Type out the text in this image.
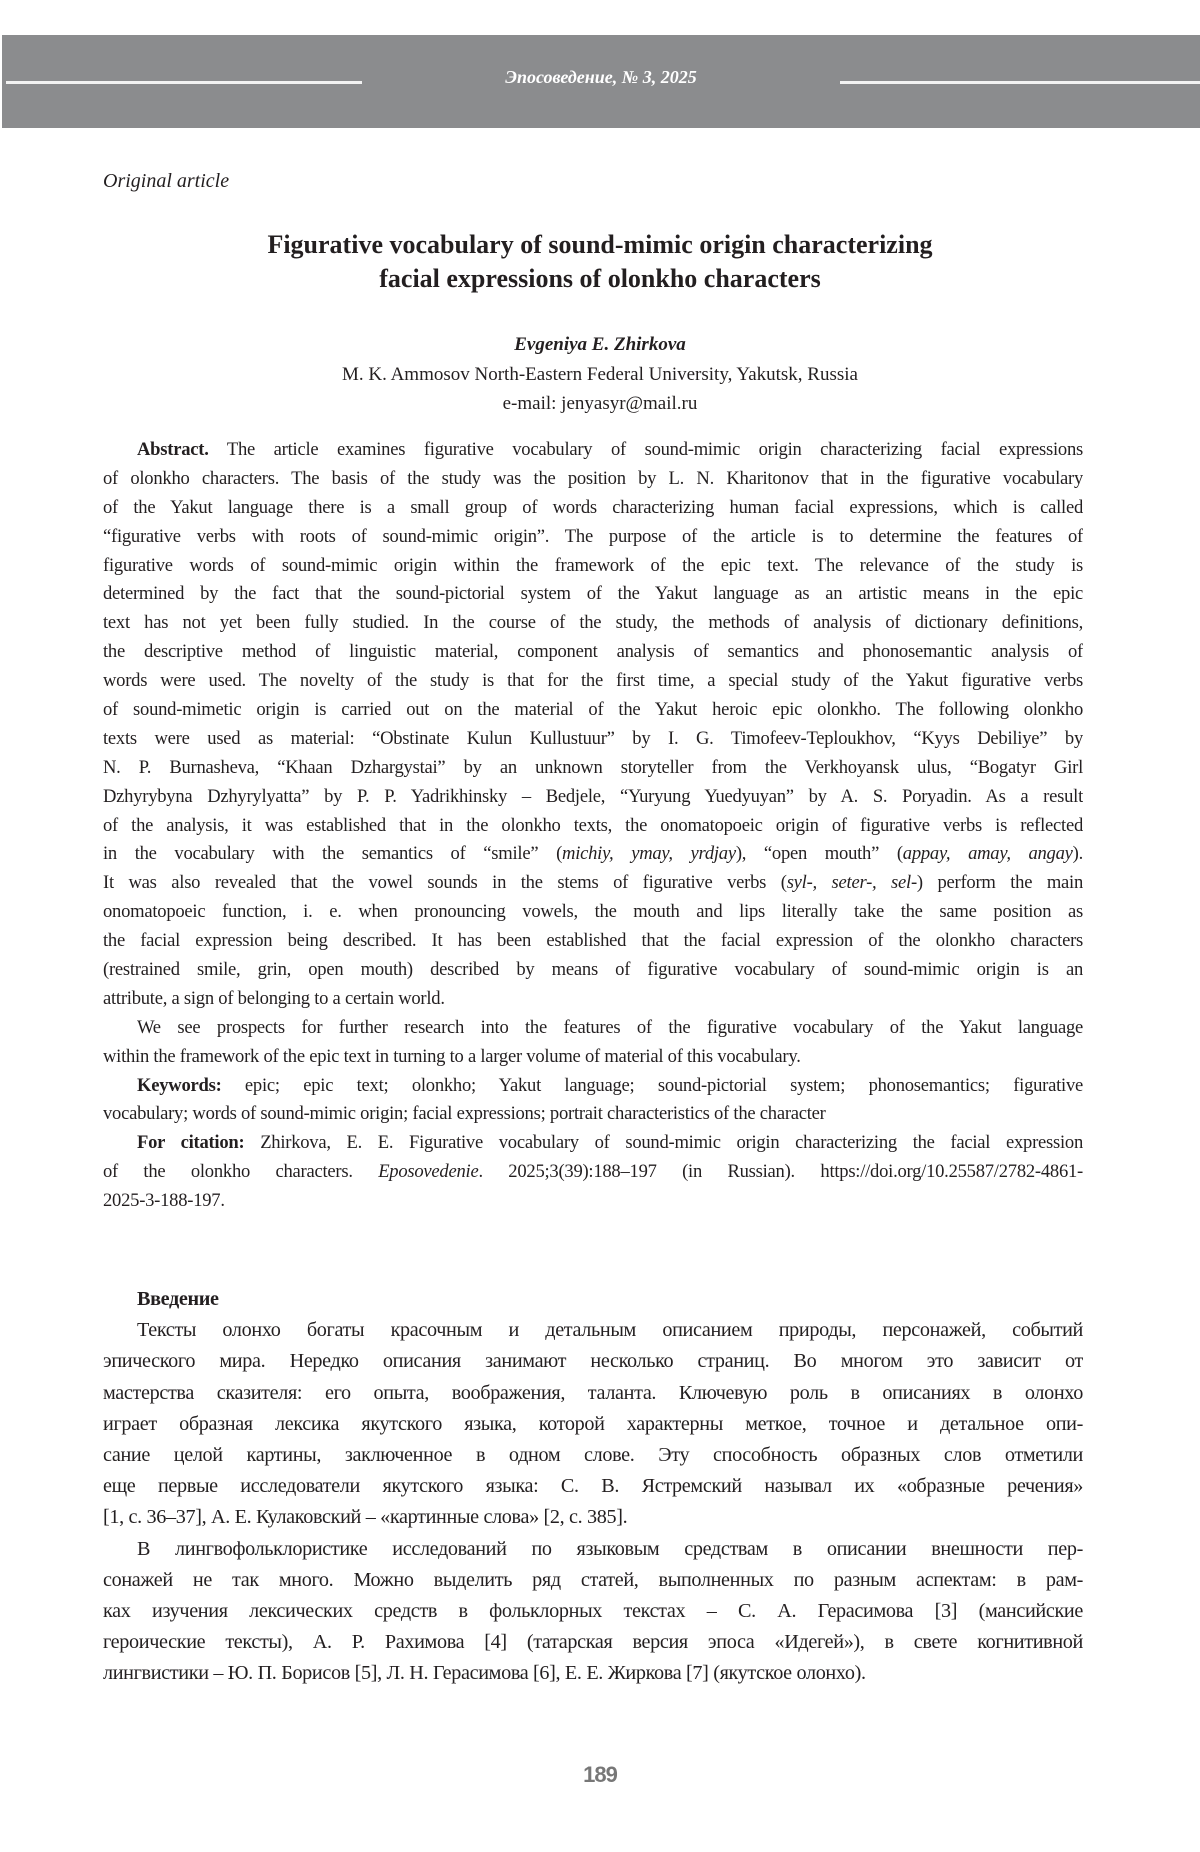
Эпосоведение, № 3, 2025
Original article
Figurative vocabulary of sound-mimic origin characterizing
facial expressions of olonkho characters
Evgeniya E. Zhirkova
M. K. Ammosov North-Eastern Federal University, Yakutsk, Russia
e-mail: jenyasyr@mail.ru
Abstract. The article examines figurative vocabulary of sound-mimic origin characterizing facial expressions
of olonkho characters. The basis of the study was the position by L. N. Kharitonov that in the figurative vocabulary
of the Yakut language there is a small group of words characterizing human facial expressions, which is called
“figurative verbs with roots of sound-mimic origin”. The purpose of the article is to determine the features of
figurative words of sound-mimic origin within the framework of the epic text. The relevance of the study is
determined by the fact that the sound-pictorial system of the Yakut language as an artistic means in the epic
text has not yet been fully studied. In the course of the study, the methods of analysis of dictionary definitions,
the descriptive method of linguistic material, component analysis of semantics and phonosemantic analysis of
words were used. The novelty of the study is that for the first time, a special study of the Yakut figurative verbs
of sound-mimetic origin is carried out on the material of the Yakut heroic epic olonkho. The following olonkho
texts were used as material: “Obstinate Kulun Kullustuur” by I. G. Timofeev-Teploukhov, “Kyys Debiliye” by
N. P. Burnasheva, “Khaan Dzhargystai” by an unknown storyteller from the Verkhoyansk ulus, “Bogatyr Girl
Dzhyrybyna Dzhyrylyatta” by P. P. Yadrikhinsky – Bedjele, “Yuryung Yuedyuyan” by A. S. Poryadin. As a result
of the analysis, it was established that in the olonkho texts, the onomatopoeic origin of figurative verbs is reflected
in the vocabulary with the semantics of “smile” (michiy, ymay, yrdjay), “open mouth” (appay, amay, angay).
It was also revealed that the vowel sounds in the stems of figurative verbs (syl-, seter-, sel-) perform the main
onomatopoeic function, i. e. when pronouncing vowels, the mouth and lips literally take the same position as
the facial expression being described. It has been established that the facial expression of the olonkho characters
(restrained smile, grin, open mouth) described by means of figurative vocabulary of sound-mimic origin is an
attribute, a sign of belonging to a certain world.
We see prospects for further research into the features of the figurative vocabulary of the Yakut language
within the framework of the epic text in turning to a larger volume of material of this vocabulary.
Keywords: epic; epic text; olonkho; Yakut language; sound-pictorial system; phonosemantics; figurative
vocabulary; words of sound-mimic origin; facial expressions; portrait characteristics of the character
For citation: Zhirkova, E. E. Figurative vocabulary of sound-mimic origin characterizing the facial expression
of the olonkho characters. Eposovedenie. 2025;3(39):188–197 (in Russian). https://doi.org/10.25587/2782-4861-
2025-3-188-197.
Введение
Тексты олонхо богаты красочным и детальным описанием природы, персонажей, событий
эпического мира. Нередко описания занимают несколько страниц. Во многом это зависит от
мастерства сказителя: его опыта, воображения, таланта. Ключевую роль в описаниях в олонхо
играет образная лексика якутского языка, которой характерны меткое, точное и детальное опи-
сание целой картины, заключенное в одном слове. Эту способность образных слов отметили
еще первые исследователи якутского языка: С. В. Ястремский называл их «образные речения»
[1, с. 36–37], А. Е. Кулаковский – «картинные слова» [2, с. 385].
В лингвофольклористике исследований по языковым средствам в описании внешности пер-
сонажей не так много. Можно выделить ряд статей, выполненных по разным аспектам: в рам-
ках изучения лексических средств в фольклорных текстах – С. А. Герасимова [3] (мансийские
героические тексты), А. Р. Рахимова [4] (татарская версия эпоса «Идегей»), в свете когнитивной
лингвистики – Ю. П. Борисов [5], Л. Н. Герасимова [6], Е. Е. Жиркова [7] (якутское олонхо).
189
